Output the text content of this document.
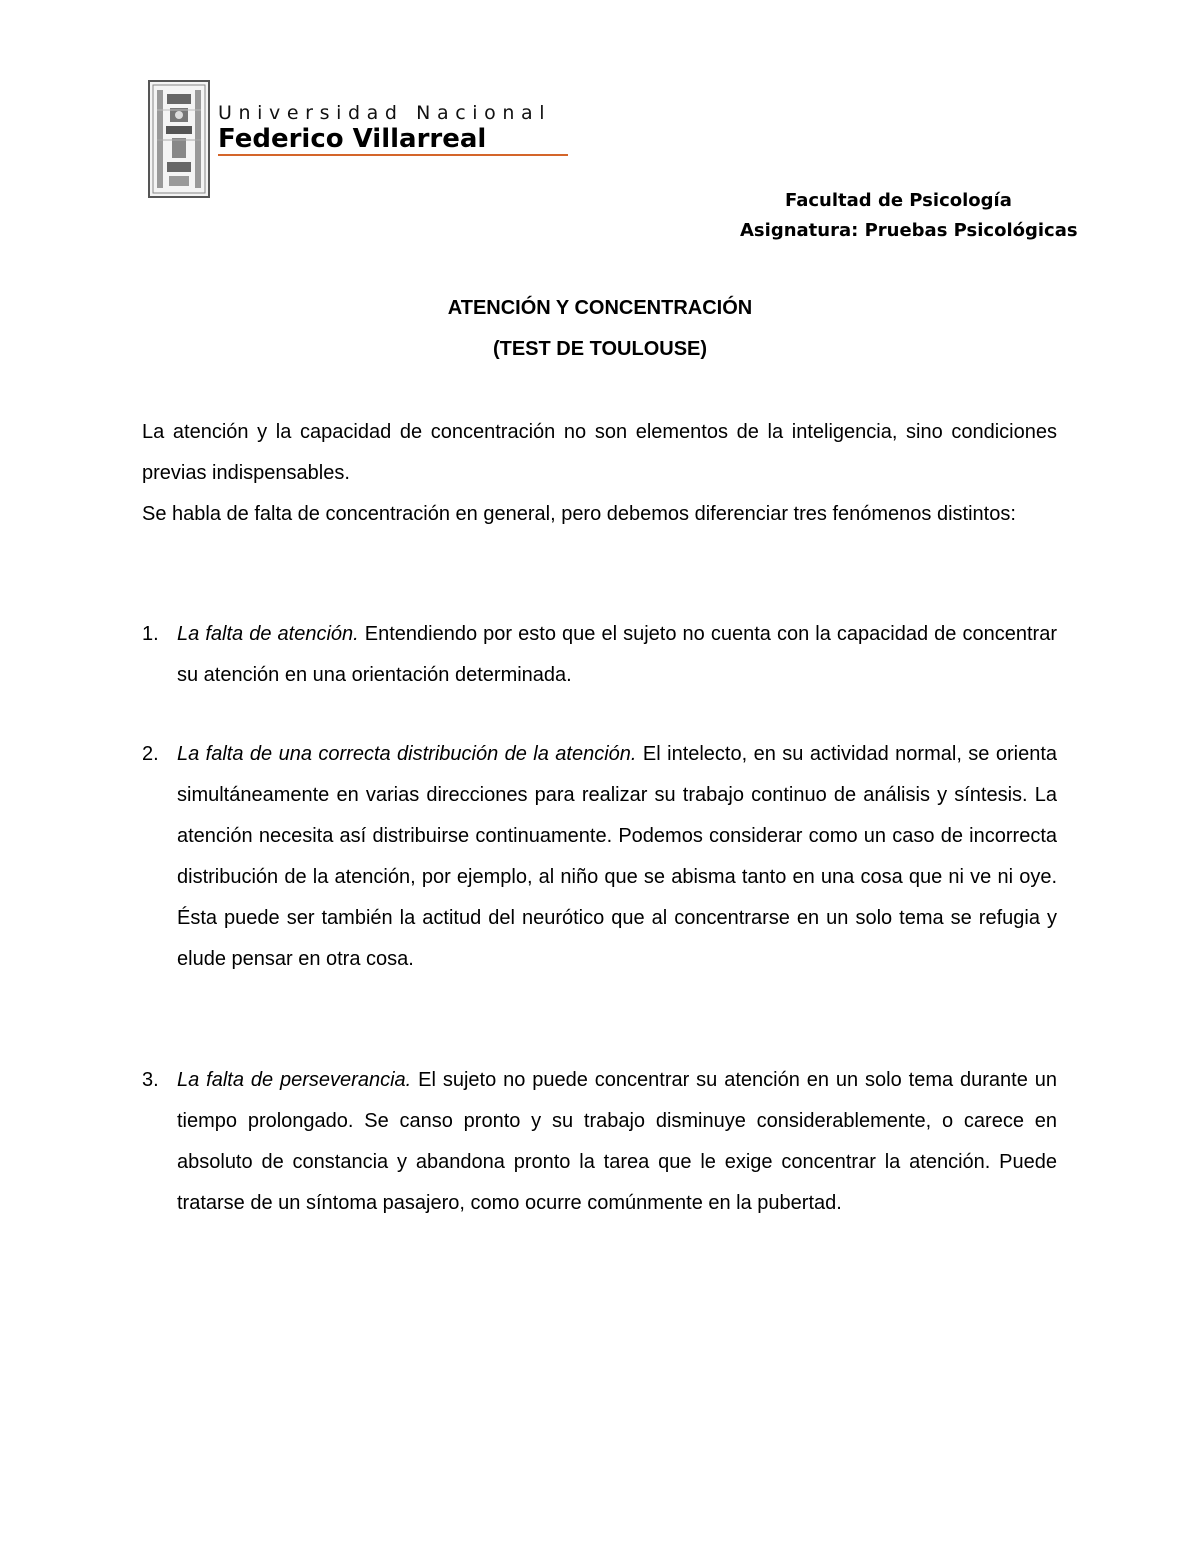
Universidad Nacional
Federico Villarreal
Facultad de Psicología
Asignatura: Pruebas Psicológicas
ATENCIÓN Y CONCENTRACIÓN
(TEST DE TOULOUSE)

La atención y la capacidad de concentración no son elementos de la inteligencia, sino condiciones previas indispensables.

Se habla de falta de concentración en general, pero debemos diferenciar tres fenómenos distintos:

1. La falta de atención. Entendiendo por esto que el sujeto no cuenta con la capacidad de concentrar su atención en una orientación determinada.

2. La falta de una correcta distribución de la atención. El intelecto, en su actividad normal, se orienta simultáneamente en varias direcciones para realizar su trabajo continuo de análisis y síntesis. La atención necesita así distribuirse continuamente. Podemos considerar como un caso de incorrecta distribución de la atención, por ejemplo, al niño que se abisma tanto en una cosa que ni ve ni oye. Ésta puede ser también la actitud del neurótico que al concentrarse en un solo tema se refugia y elude pensar en otra cosa.

3. La falta de perseverancia. El sujeto no puede concentrar su atención en un solo tema durante un tiempo prolongado. Se canso pronto y su trabajo disminuye considerablemente, o carece en absoluto de constancia y abandona pronto la tarea que le exige concentrar la atención. Puede tratarse de un síntoma pasajero, como ocurre comúnmente en la pubertad.
